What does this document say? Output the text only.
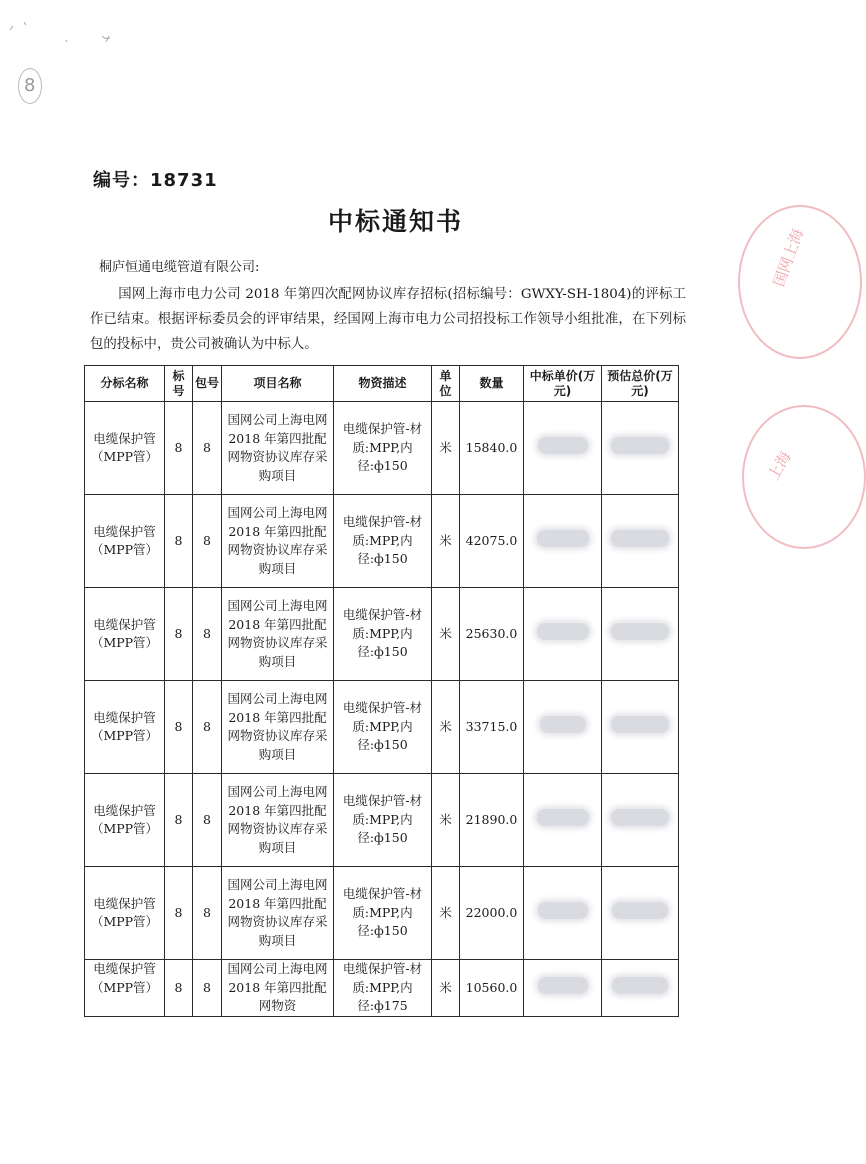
8
编号：18731
中标通知书
桐庐恒通电缆管道有限公司:
国网上海市电力公司 2018 年第四次配网协议库存招标(招标编号：GWXY-SH-1804)的评标工作已结束。根据评标委员会的评审结果，经国网上海市电力公司招投标工作领导小组批准，在下列标包的投标中，贵公司被确认为中标人。
分标名称	标号	包号	项目名称	物资描述	单位	数量	中标单价(万元)	预估总价(万元)
电缆保护管（MPP管）	8	8	国网公司上海电网 2018 年第四批配网物资协议库存采购项目	电缆保护管-材质:MPP,内径:ф150	米	15840.0		
电缆保护管（MPP管）	8	8	国网公司上海电网 2018 年第四批配网物资协议库存采购项目	电缆保护管-材质:MPP,内径:ф150	米	42075.0		
电缆保护管（MPP管）	8	8	国网公司上海电网 2018 年第四批配网物资协议库存采购项目	电缆保护管-材质:MPP,内径:ф150	米	25630.0		
电缆保护管（MPP管）	8	8	国网公司上海电网 2018 年第四批配网物资协议库存采购项目	电缆保护管-材质:MPP,内径:ф150	米	33715.0		
电缆保护管（MPP管）	8	8	国网公司上海电网 2018 年第四批配网物资协议库存采购项目	电缆保护管-材质:MPP,内径:ф150	米	21890.0		
电缆保护管（MPP管）	8	8	国网公司上海电网 2018 年第四批配网物资协议库存采购项目	电缆保护管-材质:MPP,内径:ф150	米	22000.0		
电缆保护管（MPP管）	8	8	国网公司上海电网 2018 年第四批配网物资	电缆保护管-材质:MPP,内径:ф175	米	10560.0		
国网上海
上海
